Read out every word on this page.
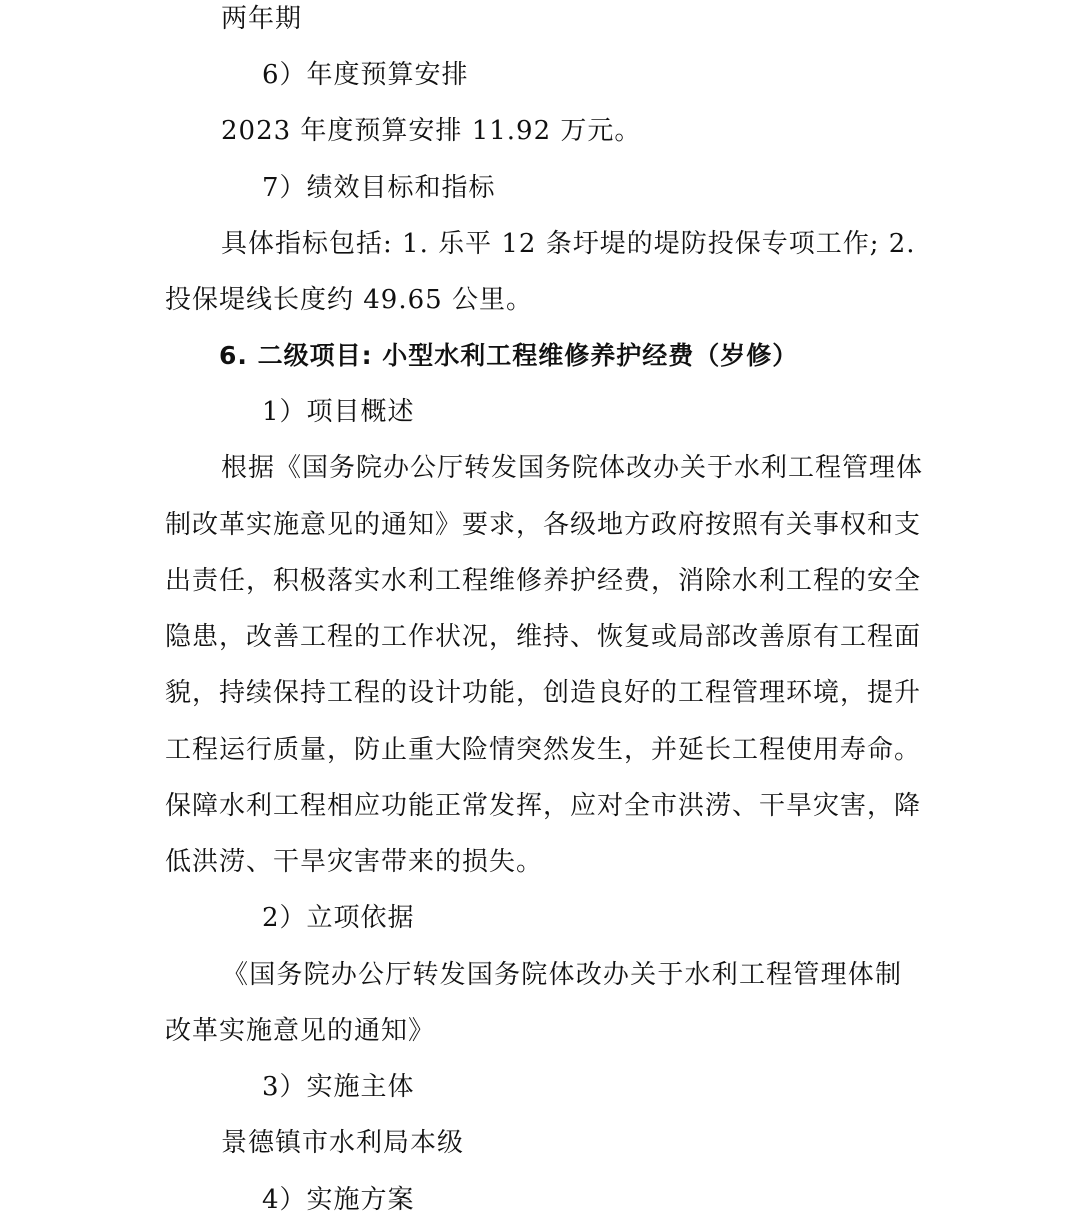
两年期
6）年度预算安排
2023 年度预算安排 11.92 万元。
7）绩效目标和指标
具体指标包括: 1. 乐平 12 条圩堤的堤防投保专项工作; 2.
投保堤线长度约 49.65 公里。
6. 二级项目: 小型水利工程维修养护经费（岁修）
1）项目概述
根据《国务院办公厅转发国务院体改办关于水利工程管理体
制改革实施意见的通知》要求，各级地方政府按照有关事权和支
出责任，积极落实水利工程维修养护经费，消除水利工程的安全
隐患，改善工程的工作状况，维持、恢复或局部改善原有工程面
貌，持续保持工程的设计功能，创造良好的工程管理环境，提升
工程运行质量，防止重大险情突然发生，并延长工程使用寿命。
保障水利工程相应功能正常发挥，应对全市洪涝、干旱灾害，降
低洪涝、干旱灾害带来的损失。
2）立项依据
《国务院办公厅转发国务院体改办关于水利工程管理体制
改革实施意见的通知》
3）实施主体
景德镇市水利局本级
4）实施方案
